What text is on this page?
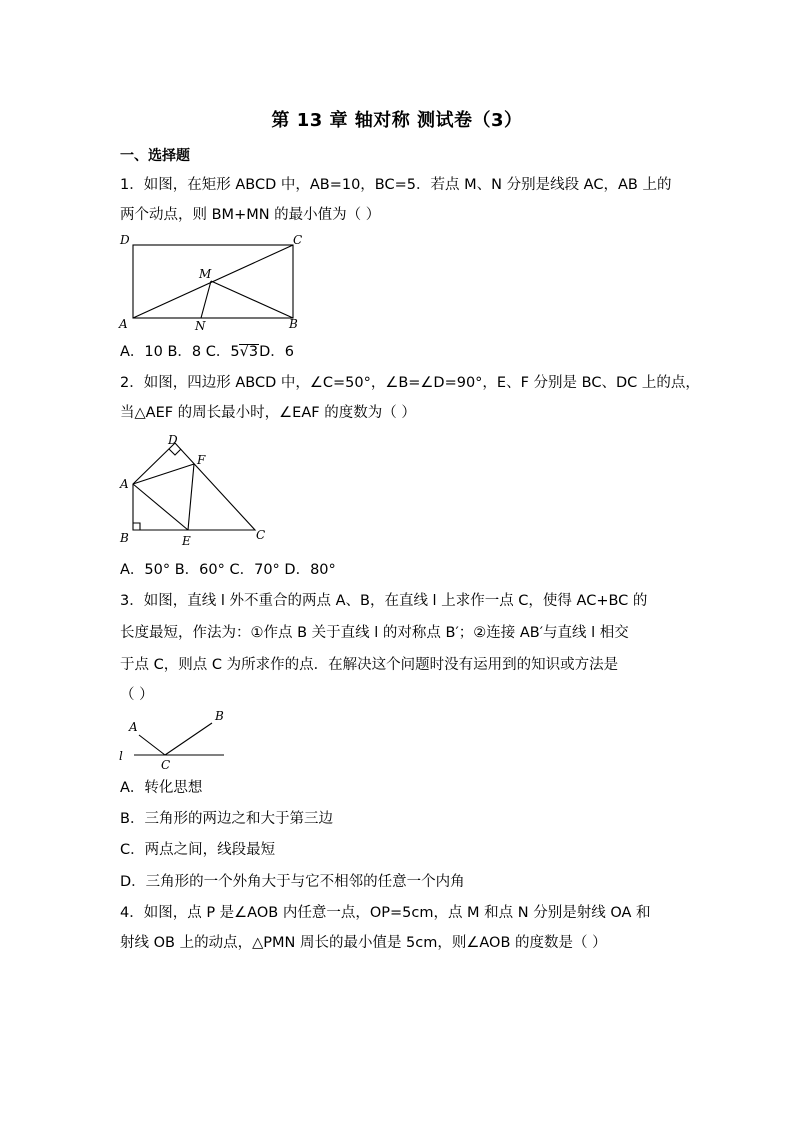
第 13 章 轴对称 测试卷（3）
一、选择题
1．如图，在矩形 ABCD 中，AB=10，BC=5．若点 M、N 分别是线段 AC，AB 上的
两个动点，则 BM+MN 的最小值为（ ）
D	C
A	B
M
N
A．10 B．8 C．5√3D．6
2．如图，四边形 ABCD 中，∠C=50°，∠B=∠D=90°，E、F 分别是 BC、DC 上的点，
当△AEF 的周长最小时，∠EAF 的度数为（ ）
D
F
A
B	E	C
A．50° B．60° C．70° D．80°
3．如图，直线 l 外不重合的两点 A、B，在直线 l 上求作一点 C，使得 AC+BC 的
长度最短，作法为：①作点 B 关于直线 l 的对称点 B′；②连接 AB′与直线 l 相交
于点 C，则点 C 为所求作的点．在解决这个问题时没有运用到的知识或方法是
（ ）
l
A
B
C
A．转化思想
B．三角形的两边之和大于第三边
C．两点之间，线段最短
D．三角形的一个外角大于与它不相邻的任意一个内角
4．如图，点 P 是∠AOB 内任意一点，OP=5cm，点 M 和点 N 分别是射线 OA 和
射线 OB 上的动点，△PMN 周长的最小值是 5cm，则∠AOB 的度数是（ ）
